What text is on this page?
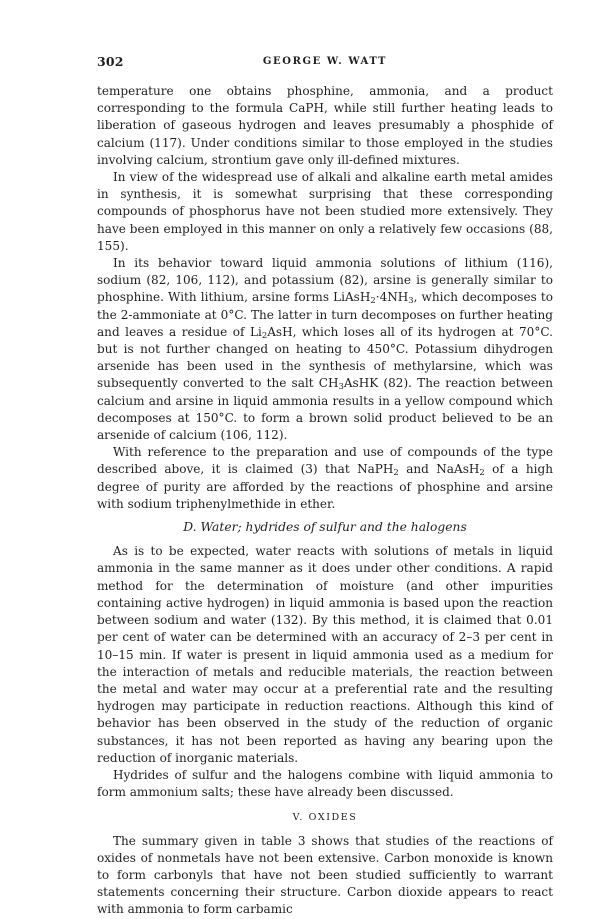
302	GEORGE W. WATT

temperature one obtains phosphine, ammonia, and a product corresponding to the formula CaPH, while still further heating leads to liberation of gaseous hydrogen and leaves presumably a phosphide of calcium (117). Under conditions similar to those employed in the studies involving calcium, strontium gave only ill-defined mixtures.

In view of the widespread use of alkali and alkaline earth metal amides in synthesis, it is somewhat surprising that these corresponding compounds of phosphorus have not been studied more extensively. They have been employed in this manner on only a relatively few occasions (88, 155).

In its behavior toward liquid ammonia solutions of lithium (116), sodium (82, 106, 112), and potassium (82), arsine is generally similar to phosphine. With lithium, arsine forms $LiAsH_2\cdot 4NH_3$, which decomposes to the 2-ammoniate at 0°C. The latter in turn decomposes on further heating and leaves a residue of $Li_2AsH$, which loses all of its hydrogen at 70°C. but is not further changed on heating to 450°C. Potassium dihydrogen arsenide has been used in the synthesis of methylarsine, which was subsequently converted to the salt $CH_3AsHK$ (82). The reaction between calcium and arsine in liquid ammonia results in a yellow compound which decomposes at 150°C. to form a brown solid product believed to be an arsenide of calcium (106, 112).

With reference to the preparation and use of compounds of the type described above, it is claimed (3) that NaPH$_2$ and NaAsH$_2$ of a high degree of purity are afforded by the reactions of phosphine and arsine with sodium triphenylmethide in ether.

D. Water; hydrides of sulfur and the halogens

As is to be expected, water reacts with solutions of metals in liquid ammonia in the same manner as it does under other conditions. A rapid method for the determination of moisture (and other impurities containing active hydrogen) in liquid ammonia is based upon the reaction between sodium and water (132). By this method, it is claimed that 0.01 per cent of water can be determined with an accuracy of 2–3 per cent in 10–15 min. If water is present in liquid ammonia used as a medium for the interaction of metals and reducible materials, the reaction between the metal and water may occur at a preferential rate and the resulting hydrogen may participate in reduction reactions. Although this kind of behavior has been observed in the study of the reduction of organic substances, it has not been reported as having any bearing upon the reduction of inorganic materials.

Hydrides of sulfur and the halogens combine with liquid ammonia to form ammonium salts; these have already been discussed.

V. OXIDES

The summary given in table 3 shows that studies of the reactions of oxides of nonmetals have not been extensive. Carbon monoxide is known to form carbonyls that have not been studied sufficiently to warrant statements concerning their structure. Carbon dioxide appears to react with ammonia to form carbamic
